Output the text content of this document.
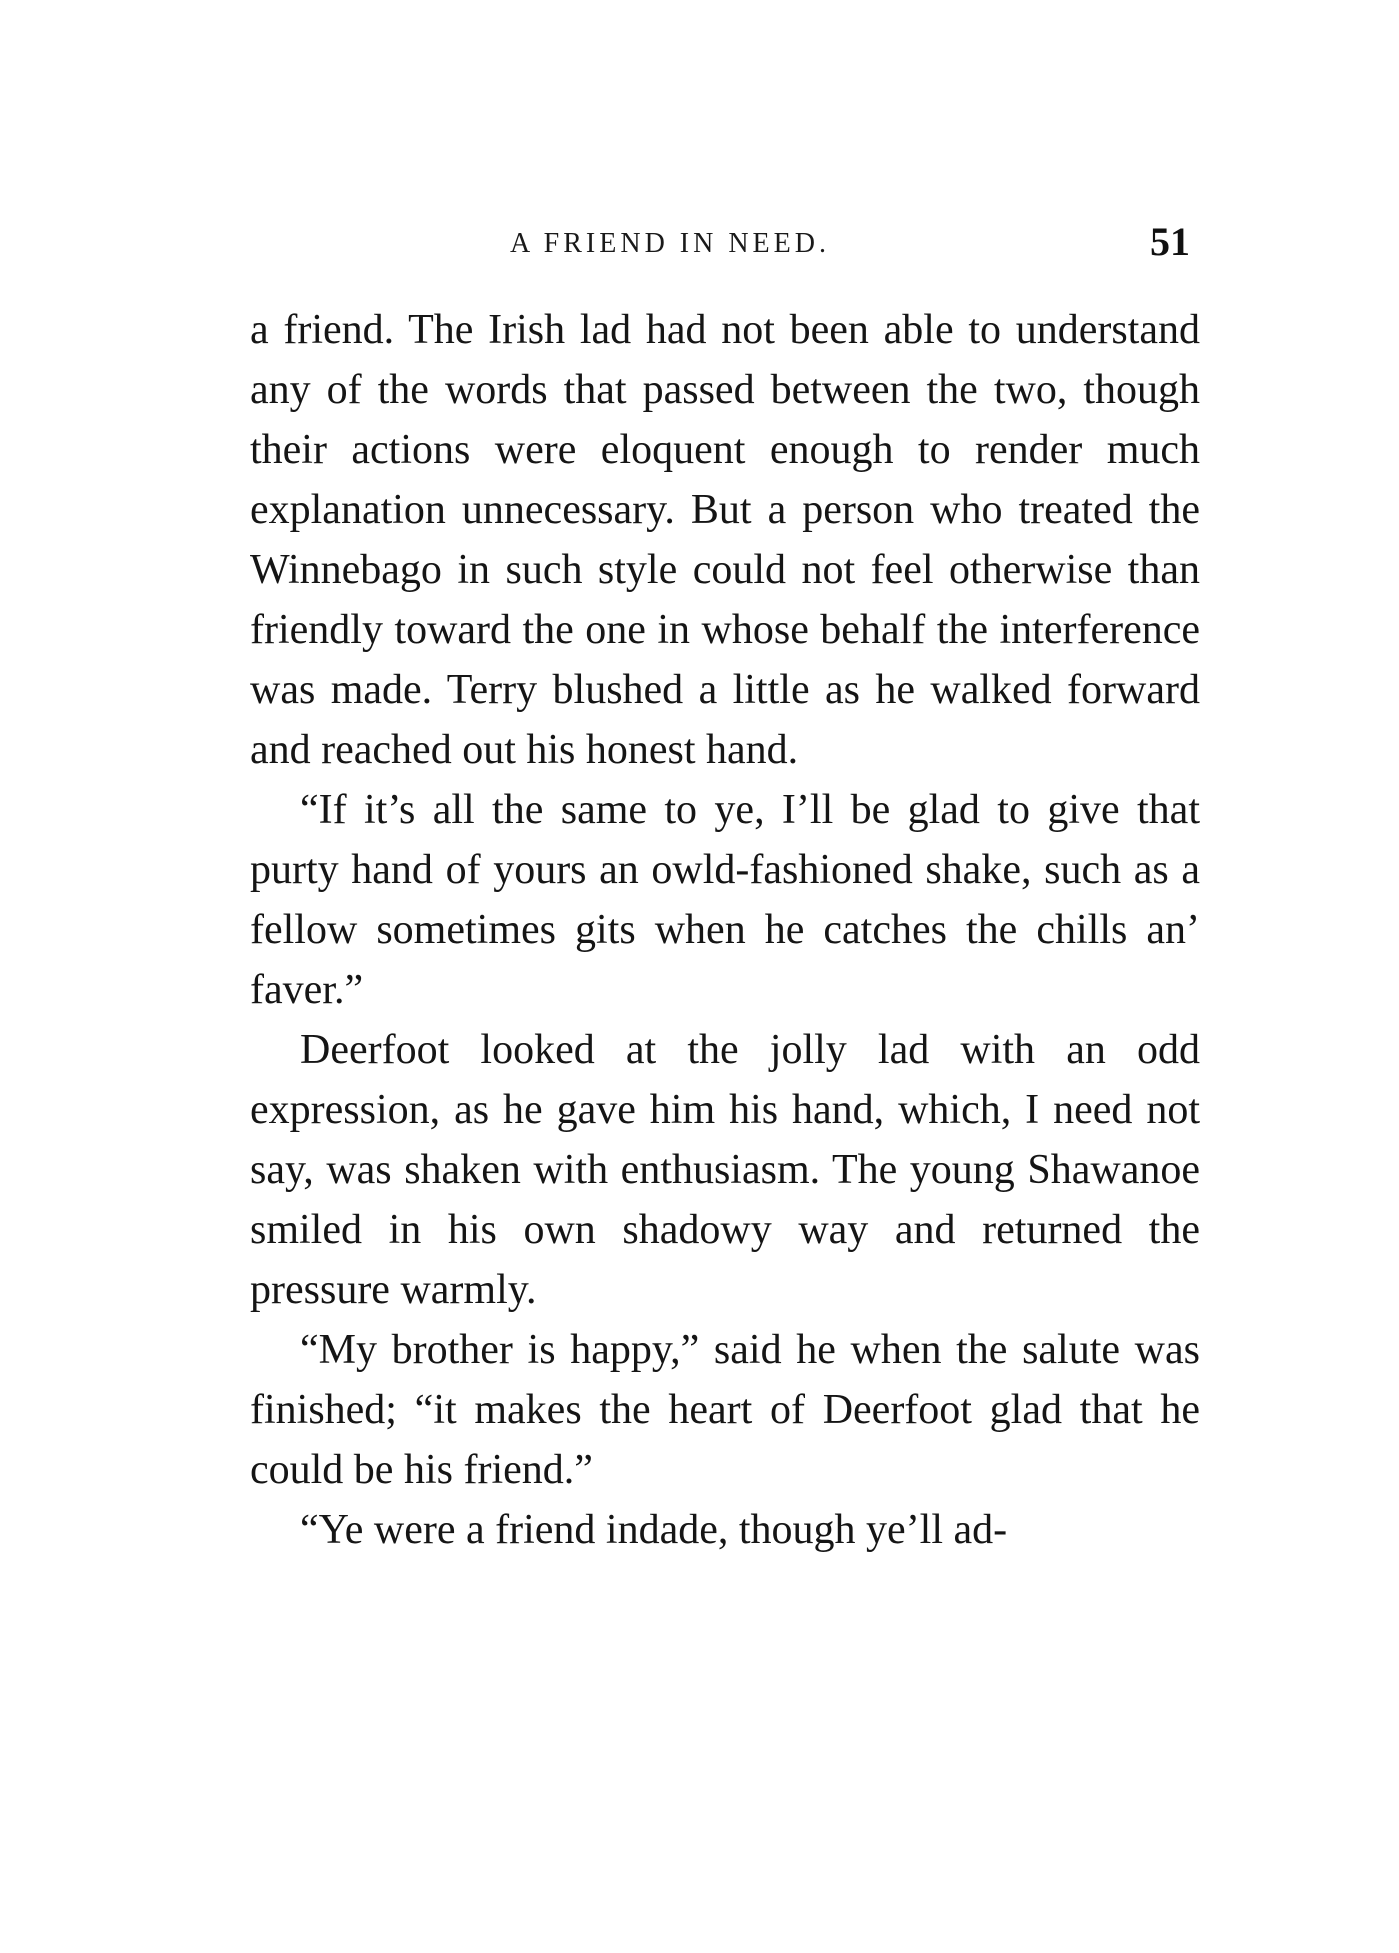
A FRIEND IN NEED.	51

a friend. The Irish lad had not been able to understand any of the words that passed between the two, though their actions were eloquent enough to render much explanation unnecessary. But a person who treated the Winnebago in such style could not feel otherwise than friendly toward the one in whose behalf the interference was made. Terry blushed a little as he walked forward and reached out his honest hand.

“If it’s all the same to ye, I’ll be glad to give that purty hand of yours an owld-fashioned shake, such as a fellow sometimes gits when he catches the chills an’ faver.”

Deerfoot looked at the jolly lad with an odd expression, as he gave him his hand, which, I need not say, was shaken with enthusiasm. The young Shawanoe smiled in his own shadowy way and returned the pressure warmly.

“My brother is happy,” said he when the salute was finished; “it makes the heart of Deerfoot glad that he could be his friend.”

“Ye were a friend indade, though ye’ll ad-
